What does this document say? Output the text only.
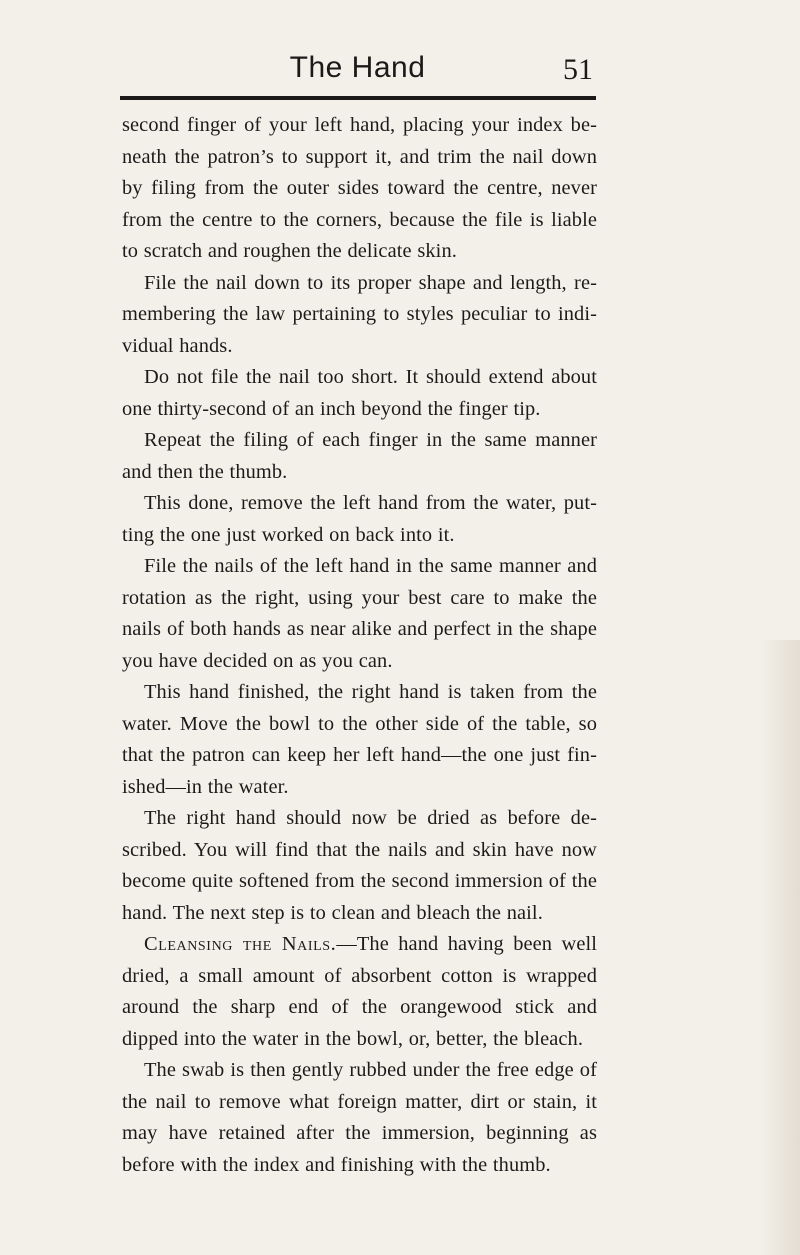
The Hand	51

second finger of your left hand, placing your index be- neath the patron’s to support it, and trim the nail down by filing from the outer sides toward the centre, never from the centre to the corners, because the file is liable to scratch and roughen the delicate skin.

File the nail down to its proper shape and length, re- membering the law pertaining to styles peculiar to indi- vidual hands.

Do not file the nail too short. It should extend about one thirty-second of an inch beyond the finger tip.

Repeat the filing of each finger in the same manner and then the thumb.

This done, remove the left hand from the water, put- ting the one just worked on back into it.

File the nails of the left hand in the same manner and rotation as the right, using your best care to make the nails of both hands as near alike and perfect in the shape you have decided on as you can.

This hand finished, the right hand is taken from the water. Move the bowl to the other side of the table, so that the patron can keep her left hand—the one just fin- ished—in the water.

The right hand should now be dried as before de- scribed. You will find that the nails and skin have now become quite softened from the second immersion of the hand. The next step is to clean and bleach the nail.

Cleansing the Nails.—The hand having been well dried, a small amount of absorbent cotton is wrapped around the sharp end of the orangewood stick and dipped into the water in the bowl, or, better, the bleach.

The swab is then gently rubbed under the free edge of the nail to remove what foreign matter, dirt or stain, it may have retained after the immersion, beginning as before with the index and finishing with the thumb.
